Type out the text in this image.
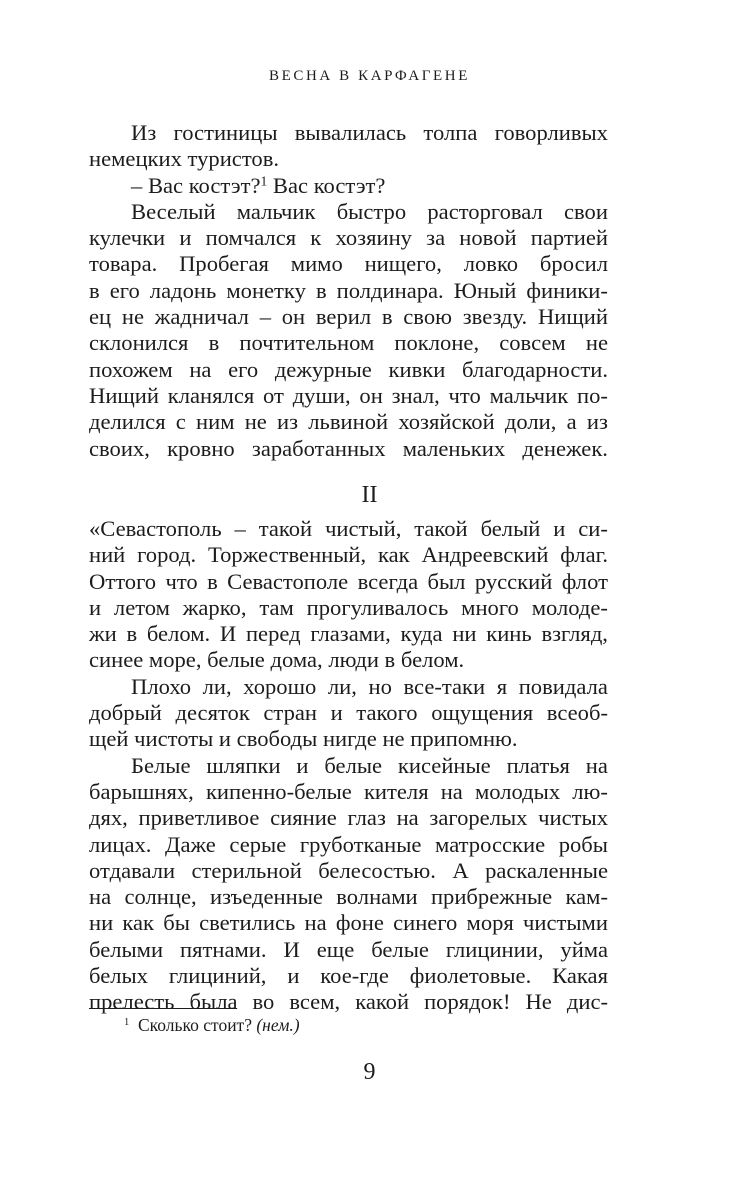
ВЕСНА В КАРФАГЕНЕ
Из гостиницы вывалилась толпа говорливых
немецких туристов.
– Вас костэт?$^1$ Вас костэт?
Веселый мальчик быстро расторговал свои
кулечки и помчался к хозяину за новой партией
товара. Пробегая мимо нищего, ловко бросил
в его ладонь монетку в полдинара. Юный финики-
ец не жадничал – он верил в свою звезду. Нищий
склонился в почтительном поклоне, совсем не
похожем на его дежурные кивки благодарности.
Нищий кланялся от души, он знал, что мальчик по-
делился с ним не из львиной хозяйской доли, а из
своих, кровно заработанных маленьких денежек.
II
«Севастополь – такой чистый, такой белый и си-
ний город. Торжественный, как Андреевский флаг.
Оттого что в Севастополе всегда был русский флот
и летом жарко, там прогуливалось много молоде-
жи в белом. И перед глазами, куда ни кинь взгляд,
синее море, белые дома, люди в белом.
Плохо ли, хорошо ли, но все-таки я повидала
добрый десяток стран и такого ощущения всеоб-
щей чистоты и свободы нигде не припомню.
Белые шляпки и белые кисейные платья на
барышнях, кипенно-белые кителя на молодых лю-
дях, приветливое сияние глаз на загорелых чистых
лицах. Даже серые груботканые матросские робы
отдавали стерильной белесостью. А раскаленные
на солнце, изъеденные волнами прибрежные кам-
ни как бы светились на фоне синего моря чистыми
белыми пятнами. И еще белые глицинии, уйма
белых глициний, и кое-где фиолетовые. Какая
прелесть была во всем, какой порядок! Не дис-
$^1$ Сколько стоит? (нем.)
9
